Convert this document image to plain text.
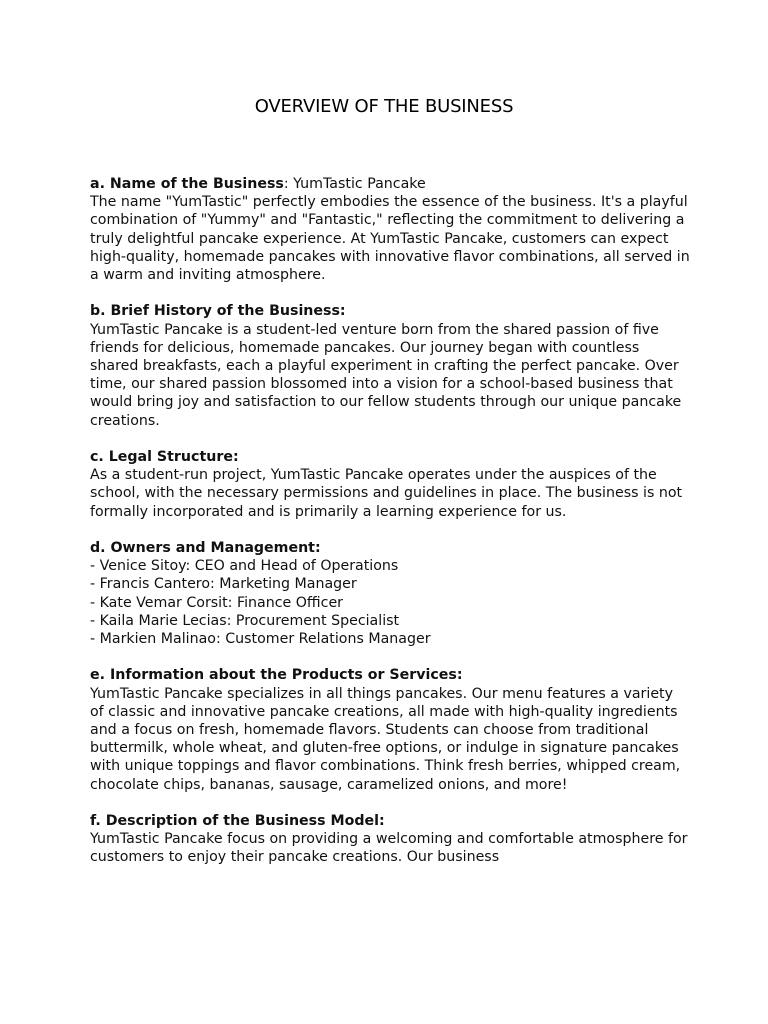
OVERVIEW OF THE BUSINESS

a. Name of the Business: YumTastic Pancake

The name "YumTastic" perfectly embodies the essence of the business. It's a playful combination of "Yummy" and "Fantastic," reflecting the commitment to delivering a truly delightful pancake experience. At YumTastic Pancake, customers can expect high-quality, homemade pancakes with innovative flavor combinations, all served in a warm and inviting atmosphere.

b. Brief History of the Business:

YumTastic Pancake is a student-led venture born from the shared passion of five friends for delicious, homemade pancakes. Our journey began with countless shared breakfasts, each a playful experiment in crafting the perfect pancake. Over time, our shared passion blossomed into a vision for a school-based business that would bring joy and satisfaction to our fellow students through our unique pancake creations.

c. Legal Structure:

As a student-run project, YumTastic Pancake operates under the auspices of the school, with the necessary permissions and guidelines in place. The business is not formally incorporated and is primarily a learning experience for us.

d. Owners and Management:

- Venice Sitoy: CEO and Head of Operations
- Francis Cantero: Marketing Manager
- Kate Vemar Corsit: Finance Officer
- Kaila Marie Lecias: Procurement Specialist
- Markien Malinao: Customer Relations Manager

e. Information about the Products or Services:

YumTastic Pancake specializes in all things pancakes. Our menu features a variety of classic and innovative pancake creations, all made with high-quality ingredients and a focus on fresh, homemade flavors. Students can choose from traditional buttermilk, whole wheat, and gluten-free options, or indulge in signature pancakes with unique toppings and flavor combinations. Think fresh berries, whipped cream, chocolate chips, bananas, sausage, caramelized onions, and more!

f. Description of the Business Model:

YumTastic Pancake focus on providing a welcoming and comfortable atmosphere for customers to enjoy their pancake creations. Our business
